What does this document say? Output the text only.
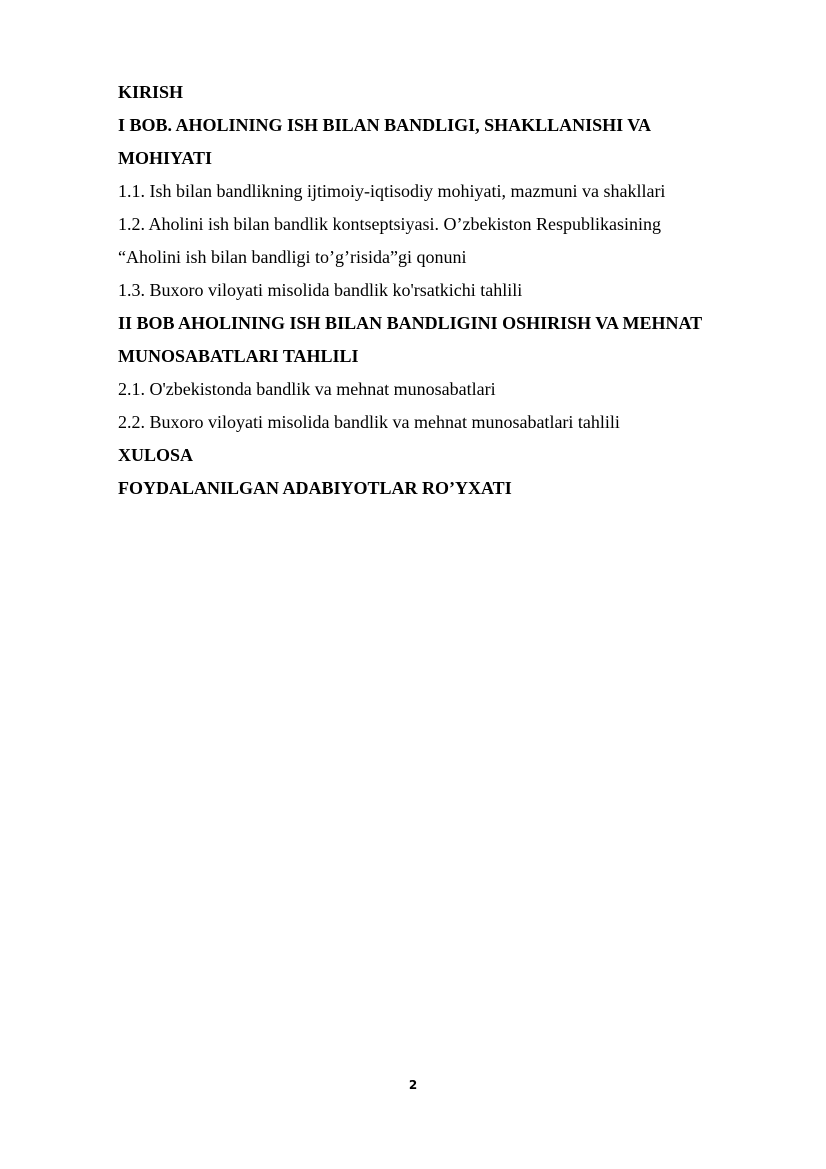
KIRISH

I BOB. AHOLINING ISH BILAN BANDLIGI, SHAKLLANISHI VA

MOHIYATI

1.1. Ish bilan bandlikning ijtimoiy-iqtisodiy mohiyati, mazmuni va shakllari

1.2. Aholini ish bilan bandlik kontseptsiyasi. O’zbekiston Respublikasining

“Aholini ish bilan bandligi to’g’risida”gi qonuni

1.3. Buxoro viloyati misolida bandlik ko'rsatkichi tahlili

II BOB AHOLINING ISH BILAN BANDLIGINI OSHIRISH VA MEHNAT

MUNOSABATLARI TAHLILI

2.1. O'zbekistonda bandlik va mehnat munosabatlari

2.2. Buxoro viloyati misolida bandlik va mehnat munosabatlari tahlili

XULOSA

FOYDALANILGAN ADABIYOTLAR RO’YXATI

2
